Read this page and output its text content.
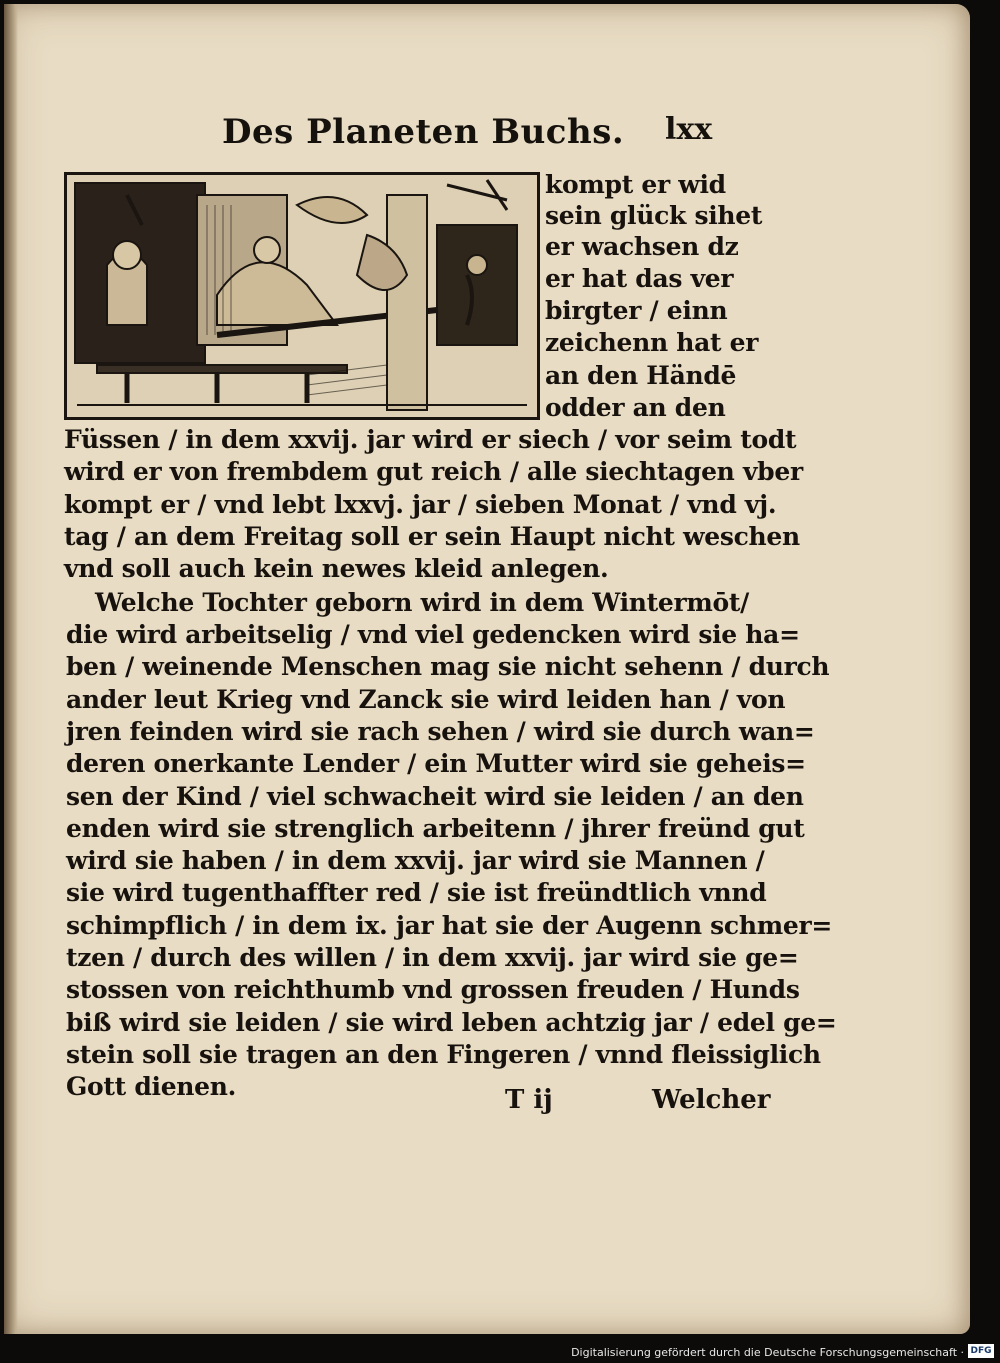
Des Planeten Buchs. lxx
kompt er wid
sein glück sihet
er wachsen dz
er hat das ver
birgter / einn
zeichenn hat er
an den Händē
odder an den
Füssen / in dem xxvij. jar wird er siech / vor seim todt
wird er von frembdem gut reich / alle siechtagen vber
kompt er / vnd lebt lxxvj. jar / sieben Monat / vnd vj.
tag / an dem Freitag soll er sein Haupt nicht weschen
vnd soll auch kein newes kleid anlegen.
Welche Tochter geborn wird in dem Wintermōt/
die wird arbeitselig / vnd viel gedencken wird sie ha=
ben / weinende Menschen mag sie nicht sehenn / durch
ander leut Krieg vnd Zanck sie wird leiden han / von
jren feinden wird sie rach sehen / wird sie durch wan=
deren onerkante Lender / ein Mutter wird sie geheis=
sen der Kind / viel schwacheit wird sie leiden / an den
enden wird sie strenglich arbeitenn / jhrer freünd gut
wird sie haben / in dem xxvij. jar wird sie Mannen /
sie wird tugenthaffter red / sie ist freündtlich vnnd
schimpflich / in dem ix. jar hat sie der Augenn schmer=
tzen / durch des willen / in dem xxvij. jar wird sie ge=
stossen von reichthumb vnd grossen freuden / Hunds
biß wird sie leiden / sie wird leben achtzig jar / edel ge=
stein soll sie tragen an den Fingeren / vnnd fleissiglich
Gott dienen.	T ij	Welcher
Digitalisierung gefördert durch die Deutsche Forschungsgemeinschaft · DFG
